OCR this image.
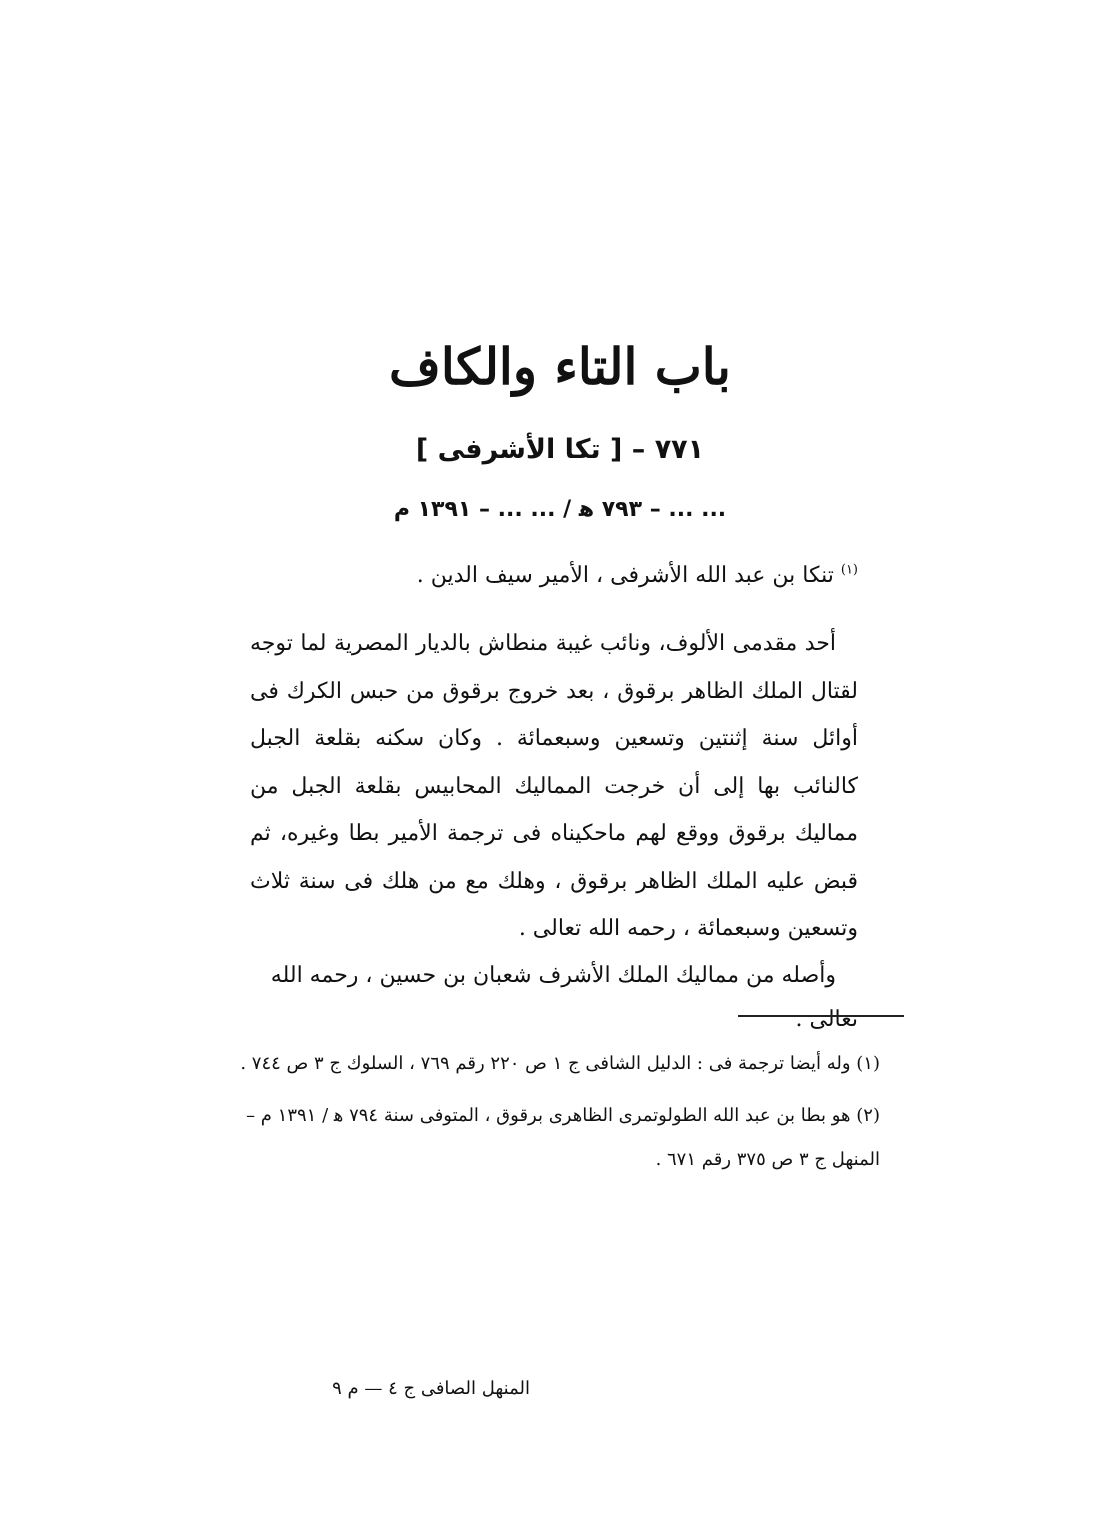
باب التاء والكاف
٧٧١ – [ تكا الأشرفى ]
... ... – ٧٩٣ ﻫ / ... ... – ١٣٩١ م
$^{(١)}$ تنكا بن عبد الله الأشرفى ، الأمير سيف الدين .

أحد مقدمى الألوف، ونائب غيبة منطاش بالديار المصرية لما توجه لقتال الملك الظاهر برقوق ، بعد خروج برقوق من حبس الكرك فى أوائل سنة إثنتين وتسعين وسبعمائة . وكان سكنه بقلعة الجبل كالنائب بها إلى أن خرجت المماليك المحابيس بقلعة الجبل من مماليك برقوق ووقع لهم ماحكيناه فى ترجمة الأمير بطا وغيره، ثم قبض عليه الملك الظاهر برقوق ، وهلك مع من هلك فى سنة ثلاث وتسعين وسبعمائة ، رحمه الله تعالى .

وأصله من مماليك الملك الأشرف شعبان بن حسين ، رحمه الله تعالى .

(١) وله أيضا ترجمة فى : الدليل الشافى ج ١ ص ٢٢٠ رقم ٧٦٩ ، السلوك ج ٣ ص ٧٤٤ .

(٢) هو بطا بن عبد الله الطولوتمرى الظاهرى برقوق ، المتوفى سنة ٧٩٤ ﻫ / ١٣٩١ م – المنهل ج ٣ ص ٣٧٥ رقم ٦٧١ .

المنهل الصافى ج ٤ — م ٩
